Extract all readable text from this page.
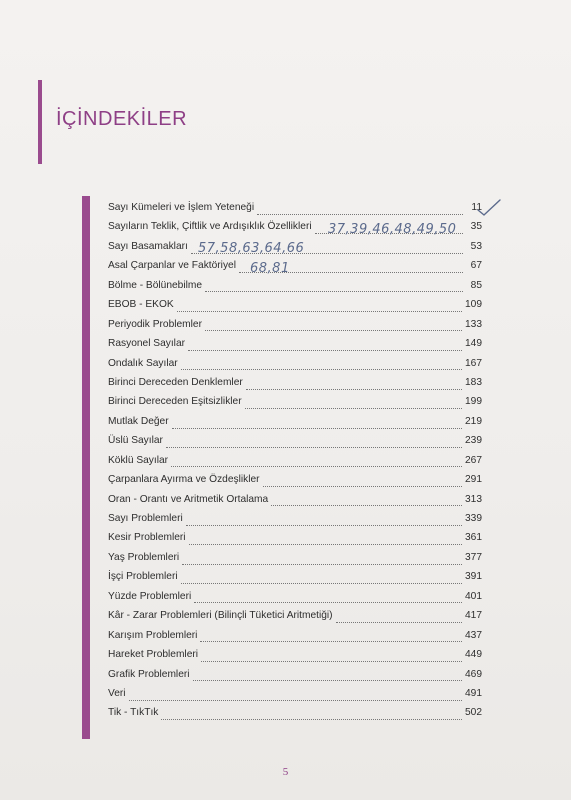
İÇİNDEKİLER
Sayı Kümeleri ve İşlem Yeteneği	11
Sayıların Teklik, Çiftlik ve Ardışıklık Özellikleri	35
Sayı Basamakları	53
Asal Çarpanlar ve Faktöriyel	67
Bölme - Bölünebilme	85
EBOB - EKOK	109
Periyodik Problemler	133
Rasyonel Sayılar	149
Ondalık Sayılar	167
Birinci Dereceden Denklemler	183
Birinci Dereceden Eşitsizlikler	199
Mutlak Değer	219
Üslü Sayılar	239
Köklü Sayılar	267
Çarpanlara Ayırma ve Özdeşlikler	291
Oran - Orantı ve Aritmetik Ortalama	313
Sayı Problemleri	339
Kesir Problemleri	361
Yaş Problemleri	377
İşçi Problemleri	391
Yüzde Problemleri	401
Kâr - Zarar Problemleri (Bilinçli Tüketici Aritmetiği)	417
Karışım Problemleri	437
Hareket Problemleri	449
Grafik Problemleri	469
Veri	491
Tik - TıkTık	502
37,39,46,48,49,50
57,58,63,64,66
68,81
5
